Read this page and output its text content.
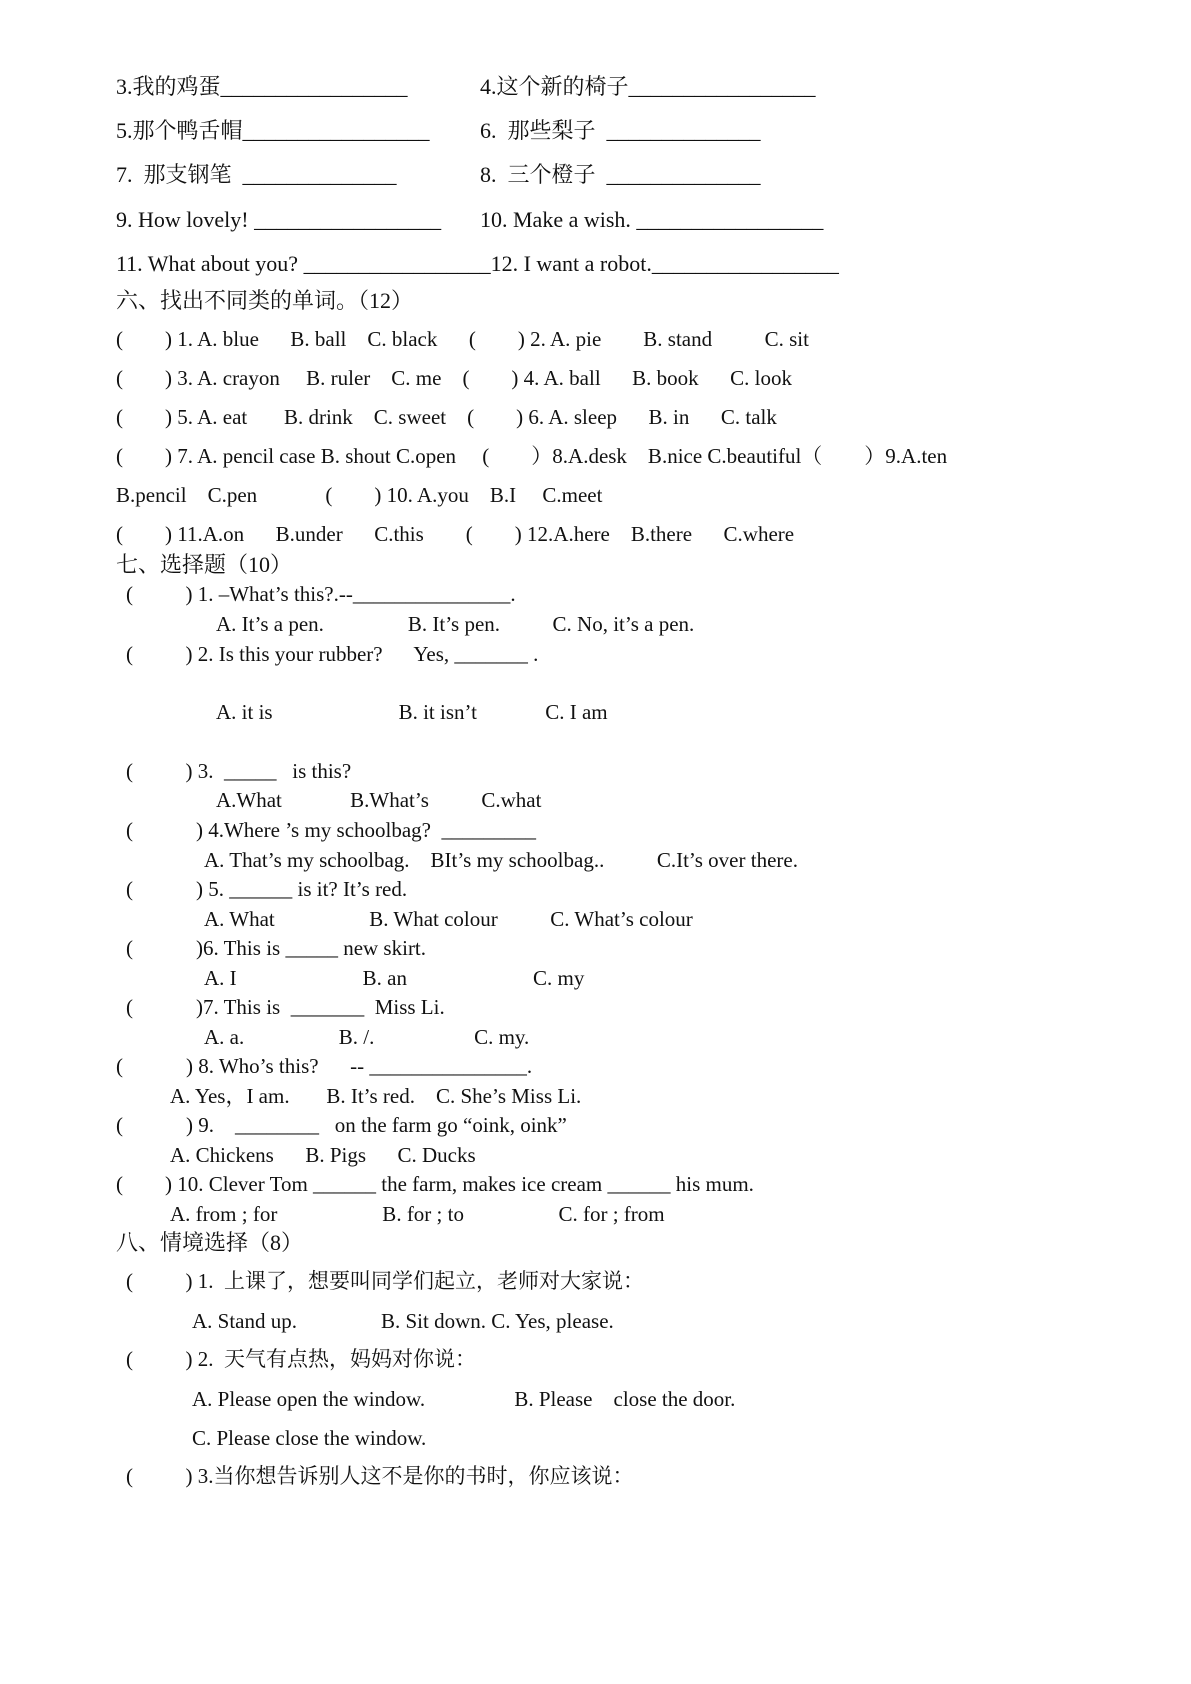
3.我的鸡蛋_________________	4.这个新的椅子_________________
5.那个鸭舌帽_________________ 6.  那些梨子  ______________
7.  那支钢笔  ______________	8.  三个橙子  ______________
9. How lovely! _________________ 10. Make a wish. _________________
11. What about you? _________________12. I want a robot._________________
六、找出不同类的单词。（12）
(        ) 1. A. blue      B. ball    C. black      (        ) 2. A. pie        B. stand          C. sit
(        ) 3. A. crayon     B. ruler    C. me    (        ) 4. A. ball      B. book      C. look
(        ) 5. A. eat       B. drink    C. sweet    (        ) 6. A. sleep      B. in      C. talk
(        ) 7. A. pencil case B. shout C.open     (        ）8.A.desk    B.nice C.beautiful（        ）9.A.ten
B.pencil    C.pen             (        ) 10. A.you    B.I     C.meet
(        ) 11.A.on      B.under      C.this        (        ) 12.A.here    B.there      C.where
七、选择题（10）
(          ) 1. –What’s this?.--_______________.
A. It’s a pen.                B. It’s pen.          C. No, it’s a pen.
(          ) 2. Is this your rubber?      Yes, _______ .
A. it is                        B. it isn’t             C. I am
(          ) 3.  _____   is this?
A.What             B.What’s          C.what
(            ) 4.Where ’s my schoolbag?  _________
A. That’s my schoolbag.    BIt’s my schoolbag..          C.It’s over there.
(            ) 5. ______ is it? It’s red.
A. What                  B. What colour          C. What’s colour
(            )6. This is _____ new skirt.
A. I                        B. an                        C. my
(            )7. This is  _______  Miss Li.
A. a.                  B. /.                   C. my.
(            ) 8. Who’s this?      -- _______________.
A. Yes，I am.       B. It’s red.    C. She’s Miss Li.
(            ) 9.    ________   on the farm go “oink, oink”
A. Chickens      B. Pigs      C. Ducks
(        ) 10. Clever Tom ______ the farm, makes ice cream ______ his mum.
A. from ; for                    B. for ; to                  C. for ; from
八、情境选择（8）
(          ) 1.  上课了，想要叫同学们起立，老师对大家说：
A. Stand up.                B. Sit down. C. Yes, please.
(          ) 2.  天气有点热，妈妈对你说：
A. Please open the window.                 B. Please    close the door.
C. Please close the window.
(          ) 3.当你想告诉别人这不是你的书时，你应该说：
